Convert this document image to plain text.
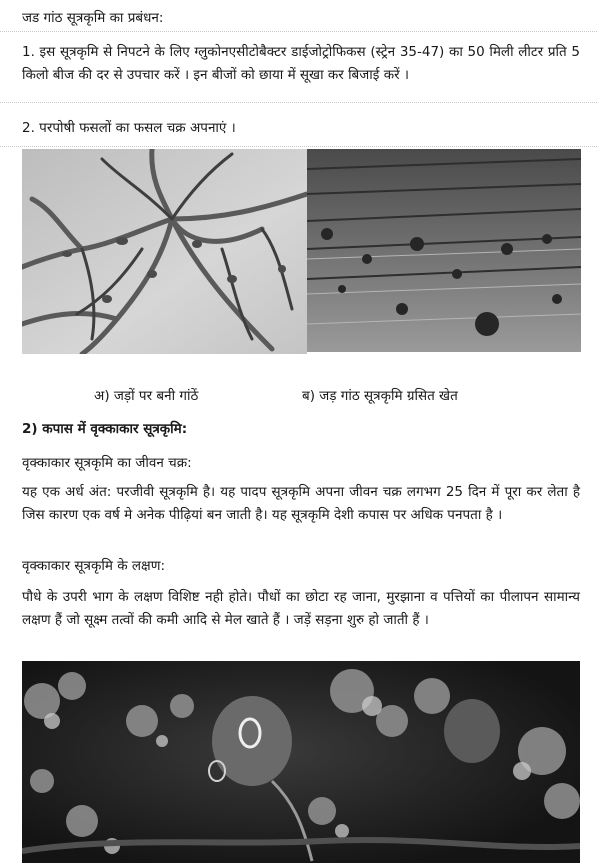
जड गांठ सूत्रकृमि का प्रबंधन:
1. इस सूत्रकृमि से निपटने के लिए ग्लुकोनएसीटोबैक्टर डाईजोट्रोफिकस (स्ट्रेन 35-47) का 50 मिली लीटर प्रति 5 किलो बीज की दर से उपचार करें । इन बीजों को छाया में सूखा कर बिजाई करें ।
2. परपोषी फसलों का फसल चक्र अपनाएं ।
अ) जड़ों पर बनी गांठें	ब) जड़ गांठ सूत्रकृमि ग्रसित खेत
2) कपास में वृक्काकार सूत्रकृमि:
वृक्काकार सूत्रकृमि का जीवन चक्र:
यह एक अर्ध अंत: परजीवी सूत्रकृमि है। यह पादप सूत्रकृमि अपना जीवन चक्र लगभग 25 दिन में पूरा कर लेता है जिस कारण एक वर्ष मे अनेक पीढ़ियां बन जाती है। यह सूत्रकृमि देशी कपास पर अधिक पनपता है ।
वृक्काकार सूत्रकृमि के लक्षण:
पौधे के उपरी भाग के लक्षण विशिष्ट नही होते। पौधों का छोटा रह जाना, मुरझाना व पत्तियों का पीलापन सामान्य लक्षण हैं जो सूक्ष्म तत्वों की कमी आदि से मेल खाते हैं । जड़ें सड़ना शुरु हो जाती हैं ।
